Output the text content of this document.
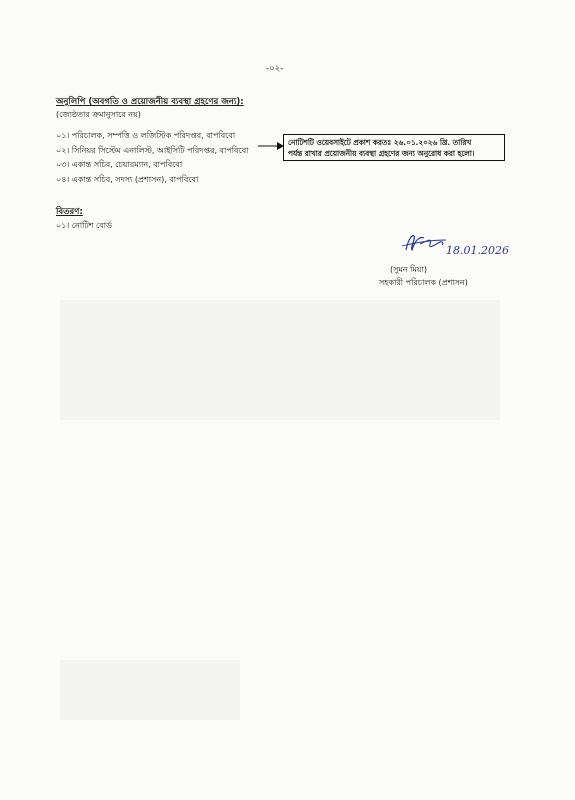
-০২-
অনুলিপি (অবগতি ও প্রয়োজনীয় ব্যবস্থা গ্রহণের জন্য):
(জ্যেষ্ঠতার ক্রমানুসারে নয়)
০১। পরিচালক, সম্পত্তি ও লজিস্টিক পরিদপ্তর, বাপবিবো
০২। সিনিয়র সিস্টেম এনালিস্ট, আইসিটি পরিদপ্তর, বাপবিবো
০৩। একান্ত সচিব, চেয়ারম্যান, বাপবিবো
০৪। একান্ত সচিব, সদস্য (প্রশাসন), বাপবিবো
নোটিশটি ওয়েবসাইটে প্রকাশ করতঃ ২৬.০১.২০২৬ খ্রি. তারিখ
পর্যন্ত রাখার প্রয়োজনীয় ব্যবস্থা গ্রহণের জন্য অনুরোধ করা হলো।
বিতরণ:
০১। নোটিশ বোর্ড
18.01.2026
(সুমন মিয়া)
সহকারী পরিচালক (প্রশাসন)
